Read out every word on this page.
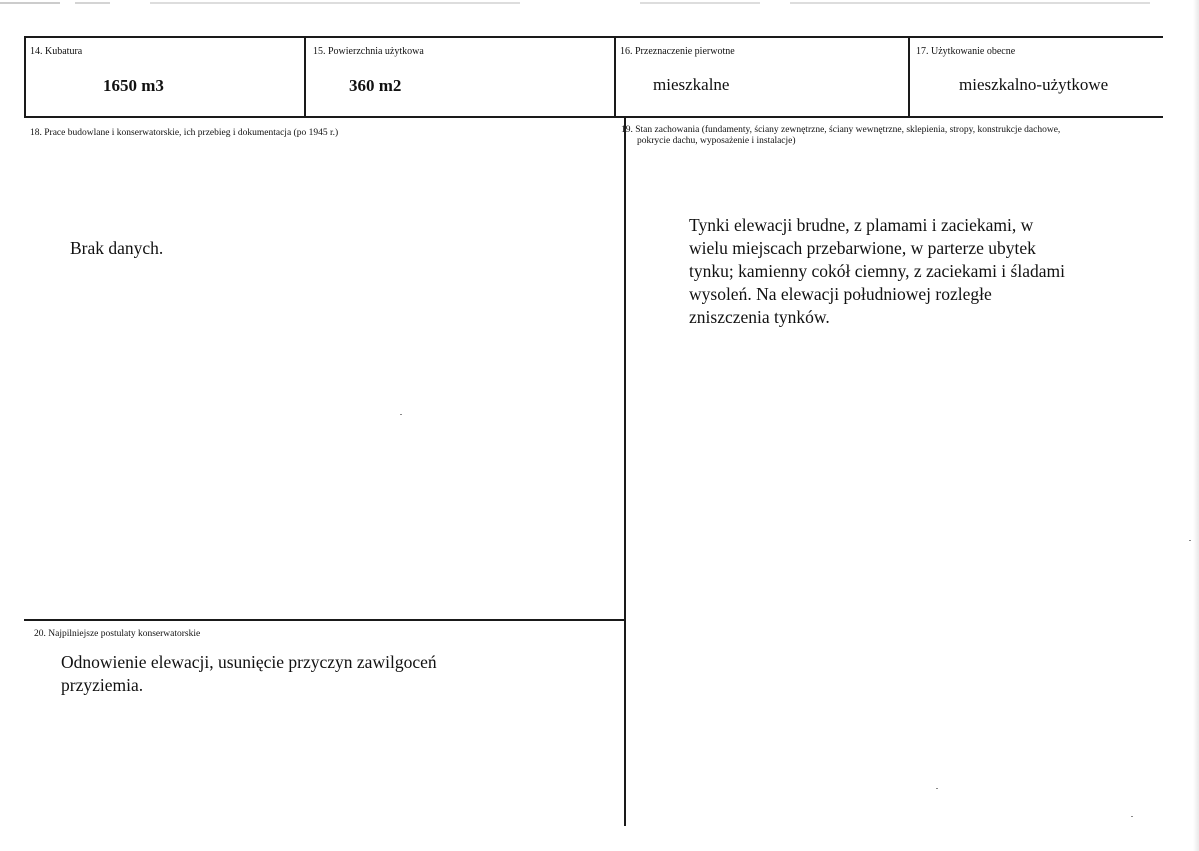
14. Kubatura
1650 m3
15. Powierzchnia użytkowa
360 m2
16. Przeznaczenie pierwotne
mieszkalne
17. Użytkowanie obecne
mieszkalno-użytkowe
18. Prace budowlane i konserwatorskie, ich przebieg i dokumentacja (po 1945 r.)
Brak danych.
19. Stan zachowania (fundamenty, ściany zewnętrzne, ściany wewnętrzne, sklepienia, stropy, konstrukcje dachowe,
pokrycie dachu, wyposażenie i instalacje)
Tynki elewacji brudne, z plamami i zaciekami, w
wielu miejscach przebarwione, w parterze ubytek
tynku; kamienny cokół ciemny, z zaciekami i śladami
wysoleń. Na elewacji południowej rozległe
zniszczenia tynków.
20. Najpilniejsze postulaty konserwatorskie
Odnowienie elewacji, usunięcie przyczyn zawilgoceń
przyziemia.
